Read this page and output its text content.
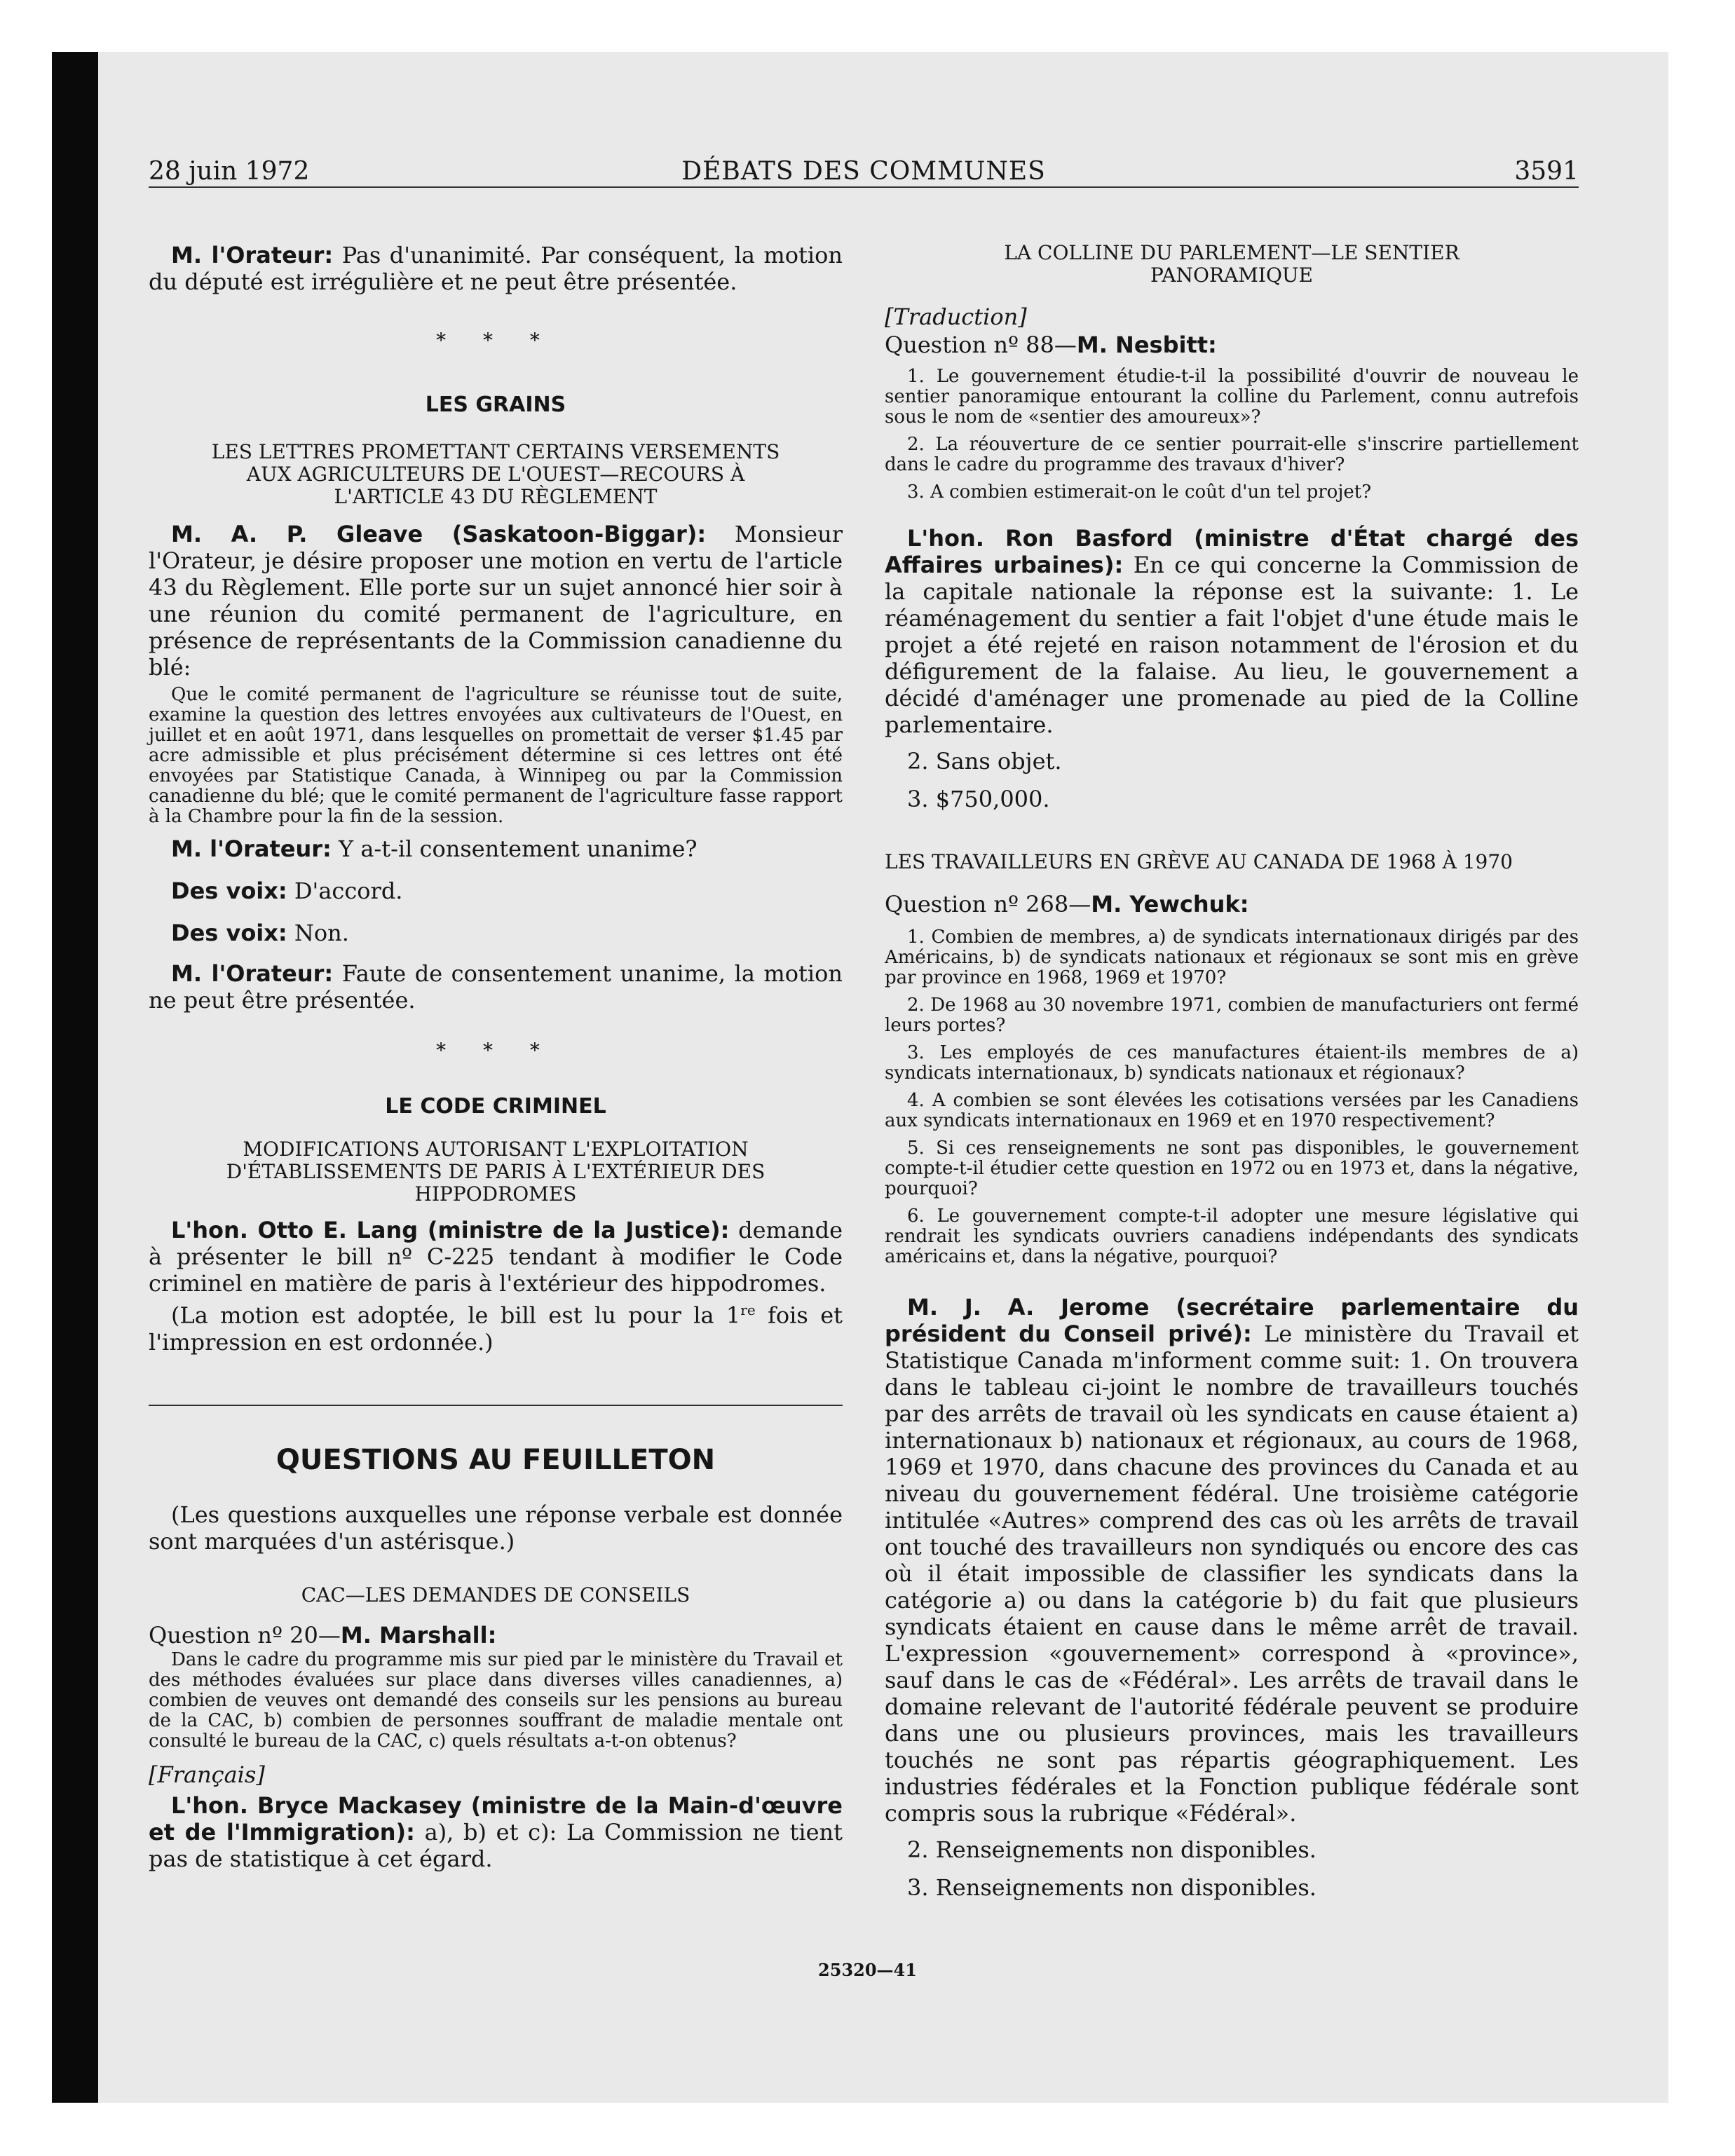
28 juin 1972	DÉBATS DES COMMUNES	3591

M. l'Orateur: Pas d'unanimité. Par conséquent, la motion du député est irrégulière et ne peut être présentée.

* * *

LES GRAINS

LES LETTRES PROMETTANT CERTAINS VERSEMENTS AUX AGRICULTEURS DE L'OUEST—RECOURS À L'ARTICLE 43 DU RÈGLEMENT

M. A. P. Gleave (Saskatoon-Biggar): Monsieur l'Orateur, je désire proposer une motion en vertu de l'article 43 du Règlement. Elle porte sur un sujet annoncé hier soir à une réunion du comité permanent de l'agriculture, en présence de représentants de la Commission canadienne du blé:

Que le comité permanent de l'agriculture se réunisse tout de suite, examine la question des lettres envoyées aux cultivateurs de l'Ouest, en juillet et en août 1971, dans lesquelles on promettait de verser $1.45 par acre admissible et plus précisément détermine si ces lettres ont été envoyées par Statistique Canada, à Winnipeg ou par la Commission canadienne du blé; que le comité permanent de l'agriculture fasse rapport à la Chambre pour la fin de la session.

M. l'Orateur: Y a-t-il consentement unanime?

Des voix: D'accord.

Des voix: Non.

M. l'Orateur: Faute de consentement unanime, la motion ne peut être présentée.

* * *

LE CODE CRIMINEL

MODIFICATIONS AUTORISANT L'EXPLOITATION D'ÉTABLISSEMENTS DE PARIS À L'EXTÉRIEUR DES HIPPODROMES

L'hon. Otto E. Lang (ministre de la Justice): demande à présenter le bill nº C-225 tendant à modifier le Code criminel en matière de paris à l'extérieur des hippodromes.

(La motion est adoptée, le bill est lu pour la 1re fois et l'impression en est ordonnée.)

QUESTIONS AU FEUILLETON

(Les questions auxquelles une réponse verbale est donnée sont marquées d'un astérisque.)

CAC—LES DEMANDES DE CONSEILS

Question nº 20—M. Marshall:

Dans le cadre du programme mis sur pied par le ministère du Travail et des méthodes évaluées sur place dans diverses villes canadiennes, a) combien de veuves ont demandé des conseils sur les pensions au bureau de la CAC, b) combien de personnes souffrant de maladie mentale ont consulté le bureau de la CAC, c) quels résultats a-t-on obtenus?

[Français]

L'hon. Bryce Mackasey (ministre de la Main-d'œuvre et de l'Immigration): a), b) et c): La Commission ne tient pas de statistique à cet égard.

LA COLLINE DU PARLEMENT—LE SENTIER PANORAMIQUE

[Traduction]

Question nº 88—M. Nesbitt:

1. Le gouvernement étudie-t-il la possibilité d'ouvrir de nouveau le sentier panoramique entourant la colline du Parlement, connu autrefois sous le nom de «sentier des amoureux»?

2. La réouverture de ce sentier pourrait-elle s'inscrire partiellement dans le cadre du programme des travaux d'hiver?

3. A combien estimerait-on le coût d'un tel projet?

L'hon. Ron Basford (ministre d'État chargé des Affaires urbaines): En ce qui concerne la Commission de la capitale nationale la réponse est la suivante: 1. Le réaménagement du sentier a fait l'objet d'une étude mais le projet a été rejeté en raison notamment de l'érosion et du défigurement de la falaise. Au lieu, le gouvernement a décidé d'aménager une promenade au pied de la Colline parlementaire.

2. Sans objet.

3. $750,000.

LES TRAVAILLEURS EN GRÈVE AU CANADA DE 1968 À 1970

Question nº 268—M. Yewchuk:

1. Combien de membres, a) de syndicats internationaux dirigés par des Américains, b) de syndicats nationaux et régionaux se sont mis en grève par province en 1968, 1969 et 1970?

2. De 1968 au 30 novembre 1971, combien de manufacturiers ont fermé leurs portes?

3. Les employés de ces manufactures étaient-ils membres de a) syndicats internationaux, b) syndicats nationaux et régionaux?

4. A combien se sont élevées les cotisations versées par les Canadiens aux syndicats internationaux en 1969 et en 1970 respectivement?

5. Si ces renseignements ne sont pas disponibles, le gouvernement compte-t-il étudier cette question en 1972 ou en 1973 et, dans la négative, pourquoi?

6. Le gouvernement compte-t-il adopter une mesure législative qui rendrait les syndicats ouvriers canadiens indépendants des syndicats américains et, dans la négative, pourquoi?

M. J. A. Jerome (secrétaire parlementaire du président du Conseil privé): Le ministère du Travail et Statistique Canada m'informent comme suit: 1. On trouvera dans le tableau ci-joint le nombre de travailleurs touchés par des arrêts de travail où les syndicats en cause étaient a) internationaux b) nationaux et régionaux, au cours de 1968, 1969 et 1970, dans chacune des provinces du Canada et au niveau du gouvernement fédéral. Une troisième catégorie intitulée «Autres» comprend des cas où les arrêts de travail ont touché des travailleurs non syndiqués ou encore des cas où il était impossible de classifier les syndicats dans la catégorie a) ou dans la catégorie b) du fait que plusieurs syndicats étaient en cause dans le même arrêt de travail. L'expression «gouvernement» correspond à «province», sauf dans le cas de «Fédéral». Les arrêts de travail dans le domaine relevant de l'autorité fédérale peuvent se produire dans une ou plusieurs provinces, mais les travailleurs touchés ne sont pas répartis géographiquement. Les industries fédérales et la Fonction publique fédérale sont compris sous la rubrique «Fédéral».

2. Renseignements non disponibles.

3. Renseignements non disponibles.

25320—41
